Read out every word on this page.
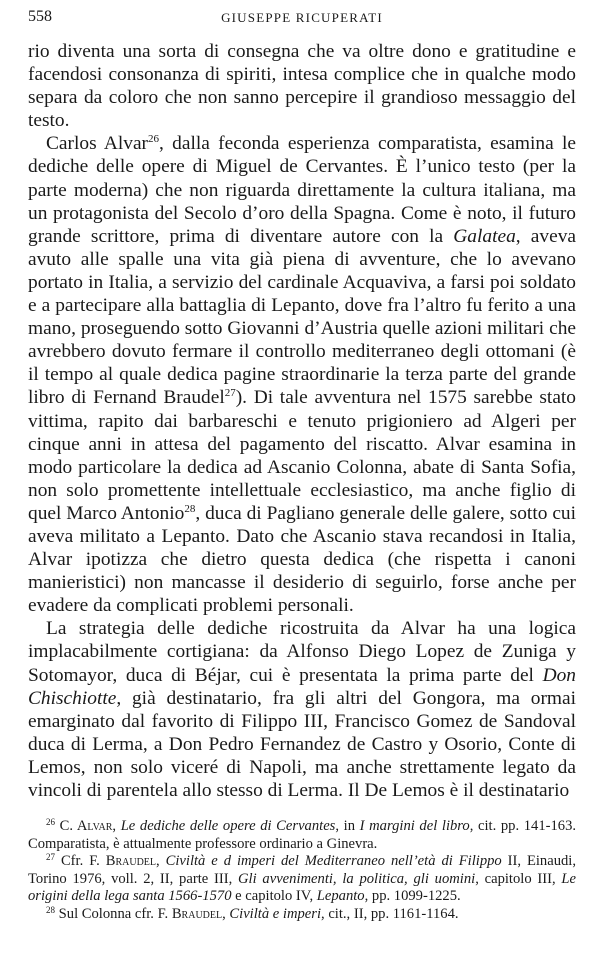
558	GIUSEPPE RICUPERATI

rio diventa una sorta di consegna che va oltre dono e gratitudine e facendosi consonanza di spiriti, intesa complice che in qualche modo separa da coloro che non sanno percepire il grandioso messaggio del testo.

Carlos Alvar$^{26}$, dalla feconda esperienza comparatista, esamina le dediche delle opere di Miguel de Cervantes. È l’unico testo (per la parte moderna) che non riguarda direttamente la cultura italiana, ma un protagonista del Secolo d’oro della Spagna. Come è noto, il futuro grande scrittore, prima di diventare autore con la Galatea, aveva avuto alle spalle una vita già piena di avventure, che lo avevano portato in Italia, a servizio del cardinale Acquaviva, a farsi poi soldato e a partecipare alla battaglia di Lepanto, dove fra l’altro fu ferito a una mano, proseguendo sotto Giovanni d’Austria quelle azioni militari che avrebbero dovuto fermare il controllo mediterraneo degli ottomani (è il tempo al quale dedica pagine straordinarie la terza parte del grande libro di Fernand Braudel$^{27}$). Di tale avventura nel 1575 sarebbe stato vittima, rapito dai barbareschi e tenuto prigioniero ad Algeri per cinque anni in attesa del pagamento del riscatto. Alvar esamina in modo particolare la dedica ad Ascanio Colonna, abate di Santa Sofia, non solo promettente intellettuale ecclesiastico, ma anche figlio di quel Marco Antonio$^{28}$, duca di Pagliano generale delle galere, sotto cui aveva militato a Lepanto. Dato che Ascanio stava recandosi in Italia, Alvar ipotizza che dietro questa dedica (che rispetta i canoni manieristici) non mancasse il desiderio di seguirlo, forse anche per evadere da complicati problemi personali.

La strategia delle dediche ricostruita da Alvar ha una logica implacabilmente cortigiana: da Alfonso Diego Lopez de Zuniga y Sotomayor, duca di Béjar, cui è presentata la prima parte del Don Chischiotte, già destinatario, fra gli altri del Gongora, ma ormai emarginato dal favorito di Filippo III, Francisco Gomez de Sandoval duca di Lerma, a Don Pedro Fernandez de Castro y Osorio, Conte di Lemos, non solo viceré di Napoli, ma anche strettamente legato da vincoli di parentela allo stesso di Lerma. Il De Lemos è il destinatario

$^{26}$ C. Alvar, Le dediche delle opere di Cervantes, in I margini del libro, cit. pp. 141-163. Comparatista, è attualmente professore ordinario a Ginevra.

$^{27}$ Cfr. F. Braudel, Civiltà e d imperi del Mediterraneo nell’età di Filippo II, Einaudi, Torino 1976, voll. 2, II, parte III, Gli avvenimenti, la politica, gli uomini, capitolo III, Le origini della lega santa 1566-1570 e capitolo IV, Lepanto, pp. 1099-1225.

$^{28}$ Sul Colonna cfr. F. Braudel, Civiltà e imperi, cit., II, pp. 1161-1164.
